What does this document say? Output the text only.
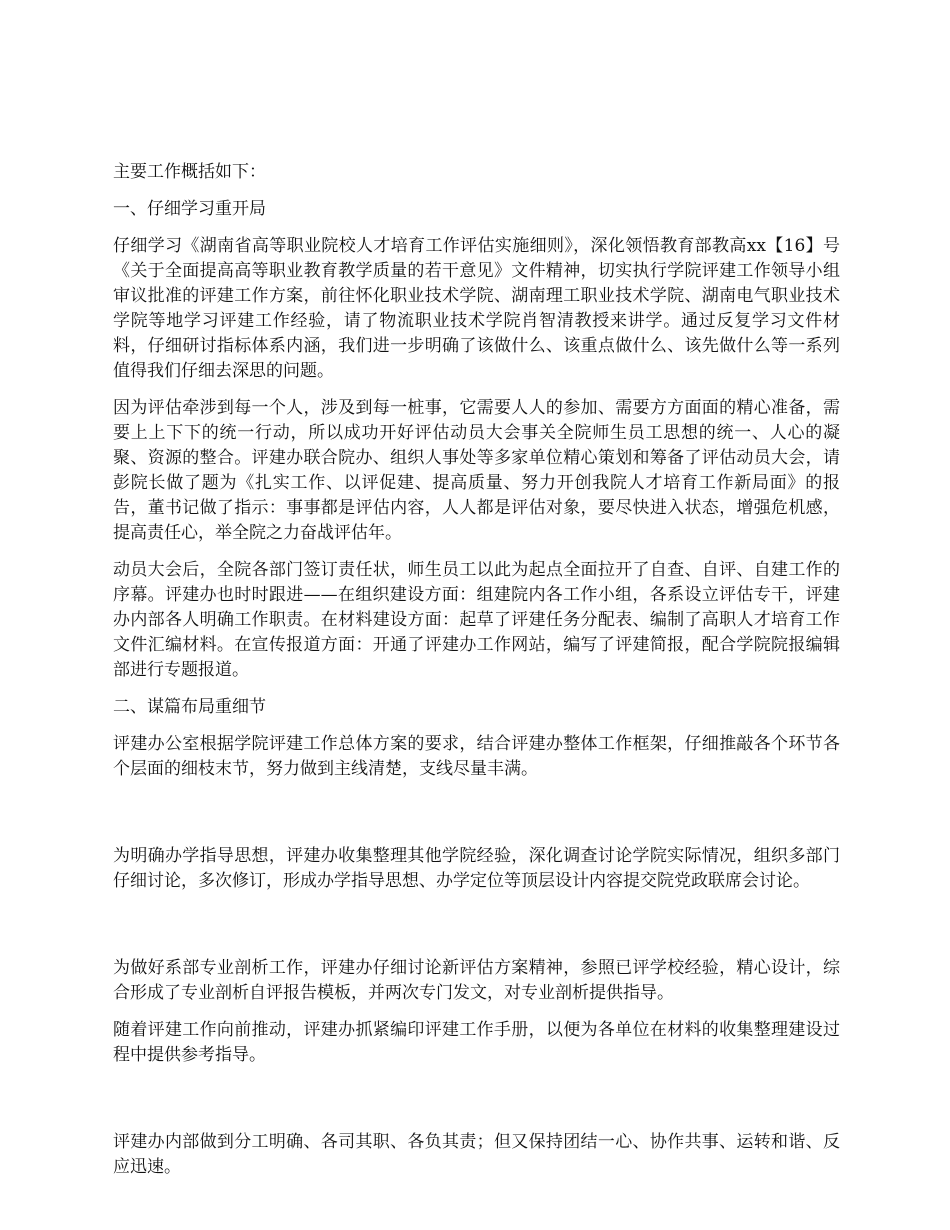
主要工作概括如下：

一、仔细学习重开局

仔细学习《湖南省高等职业院校人才培育工作评估实施细则》，深化领悟教育部教高xx【16】号《关于全面提高高等职业教育教学质量的若干意见》文件精神，切实执行学院评建工作领导小组审议批准的评建工作方案，前往怀化职业技术学院、湖南理工职业技术学院、湖南电气职业技术学院等地学习评建工作经验，请了物流职业技术学院肖智清教授来讲学。通过反复学习文件材料，仔细研讨指标体系内涵，我们进一步明确了该做什么、该重点做什么、该先做什么等一系列值得我们仔细去深思的问题。

因为评估牵涉到每一个人，涉及到每一桩事，它需要人人的参加、需要方方面面的精心准备，需要上上下下的统一行动，所以成功开好评估动员大会事关全院师生员工思想的统一、人心的凝聚、资源的整合。评建办联合院办、组织人事处等多家单位精心策划和筹备了评估动员大会，请彭院长做了题为《扎实工作、以评促建、提高质量、努力开创我院人才培育工作新局面》的报告，董书记做了指示：事事都是评估内容，人人都是评估对象，要尽快进入状态，增强危机感，提高责任心，举全院之力奋战评估年。

动员大会后，全院各部门签订责任状，师生员工以此为起点全面拉开了自查、自评、自建工作的序幕。评建办也时时跟进——在组织建设方面：组建院内各工作小组，各系设立评估专干，评建办内部各人明确工作职责。在材料建设方面：起草了评建任务分配表、编制了高职人才培育工作文件汇编材料。在宣传报道方面：开通了评建办工作网站，编写了评建简报，配合学院院报编辑部进行专题报道。

二、谋篇布局重细节

评建办公室根据学院评建工作总体方案的要求，结合评建办整体工作框架，仔细推敲各个环节各个层面的细枝末节，努力做到主线清楚，支线尽量丰满。

为明确办学指导思想，评建办收集整理其他学院经验，深化调查讨论学院实际情况，组织多部门仔细讨论，多次修订，形成办学指导思想、办学定位等顶层设计内容提交院党政联席会讨论。

为做好系部专业剖析工作，评建办仔细讨论新评估方案精神，参照已评学校经验，精心设计，综合形成了专业剖析自评报告模板，并两次专门发文，对专业剖析提供指导。

随着评建工作向前推动，评建办抓紧编印评建工作手册，以便为各单位在材料的收集整理建设过程中提供参考指导。

评建办内部做到分工明确、各司其职、各负其责；但又保持团结一心、协作共事、运转和谐、反应迅速。
